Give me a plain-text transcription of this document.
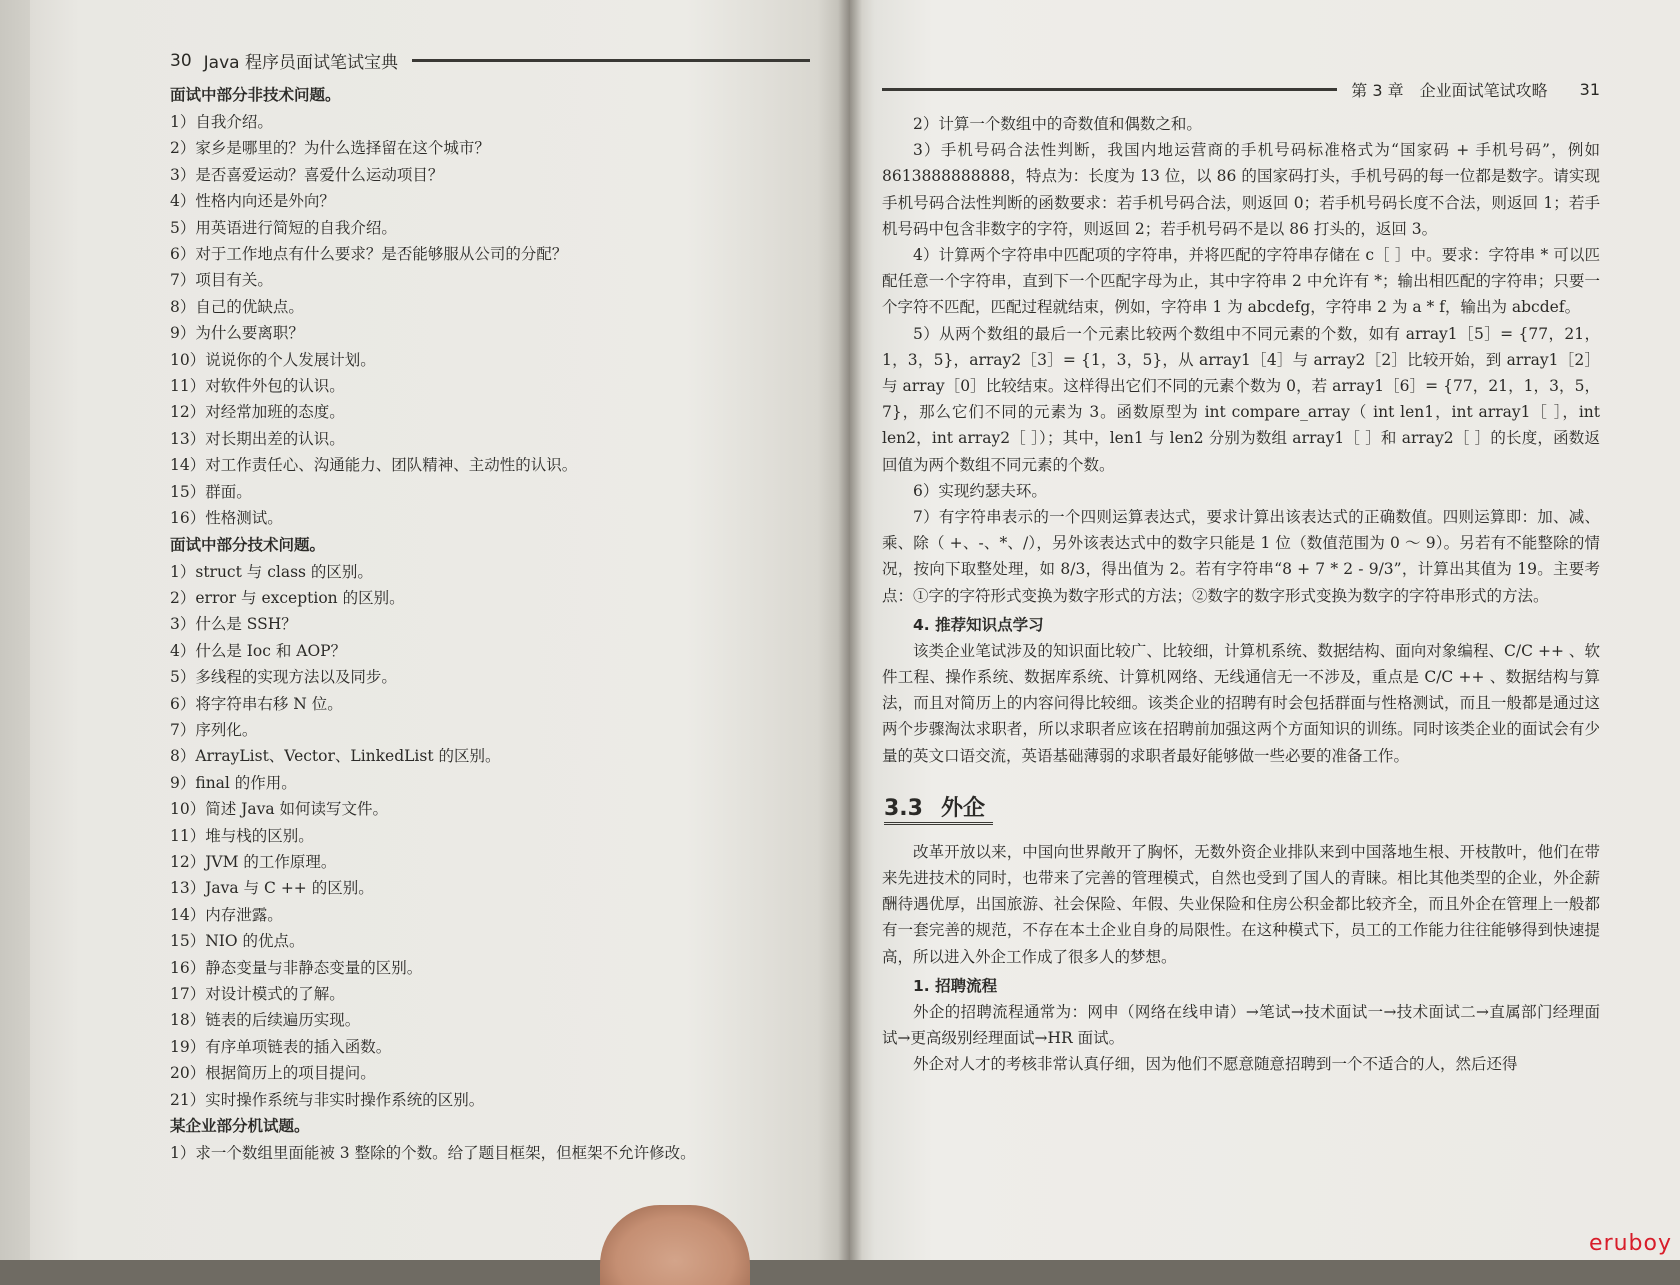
30 Java 程序员面试笔试宝典
面试中部分非技术问题。
1）自我介绍。
2）家乡是哪里的？为什么选择留在这个城市？
3）是否喜爱运动？喜爱什么运动项目？
4）性格内向还是外向？
5）用英语进行简短的自我介绍。
6）对于工作地点有什么要求？是否能够服从公司的分配？
7）项目有关。
8）自己的优缺点。
9）为什么要离职？
10）说说你的个人发展计划。
11）对软件外包的认识。
12）对经常加班的态度。
13）对长期出差的认识。
14）对工作责任心、沟通能力、团队精神、主动性的认识。
15）群面。
16）性格测试。
面试中部分技术问题。
1）struct 与 class 的区别。
2）error 与 exception 的区别。
3）什么是 SSH？
4）什么是 Ioc 和 AOP？
5）多线程的实现方法以及同步。
6）将字符串右移 N 位。
7）序列化。
8）ArrayList、Vector、LinkedList 的区别。
9）final 的作用。
10）简述 Java 如何读写文件。
11）堆与栈的区别。
12）JVM 的工作原理。
13）Java 与 C ++ 的区别。
14）内存泄露。
15）NIO 的优点。
16）静态变量与非静态变量的区别。
17）对设计模式的了解。
18）链表的后续遍历实现。
19）有序单项链表的插入函数。
20）根据简历上的项目提问。
21）实时操作系统与非实时操作系统的区别。
某企业部分机试题。
1）求一个数组里面能被 3 整除的个数。给了题目框架，但框架不允许修改。
第 3 章　企业面试笔试攻略 31

2）计算一个数组中的奇数值和偶数之和。

3）手机号码合法性判断，我国内地运营商的手机号码标准格式为“国家码 + 手机号码”，例如 8613888888888，特点为：长度为 13 位，以 86 的国家码打头，手机号码的每一位都是数字。请实现手机号码合法性判断的函数要求：若手机号码合法，则返回 0；若手机号码长度不合法，则返回 1；若手机号码中包含非数字的字符，则返回 2；若手机号码不是以 86 打头的，返回 3。

4）计算两个字符串中匹配项的字符串，并将匹配的字符串存储在 c［ ］中。要求：字符串 * 可以匹配任意一个字符串，直到下一个匹配字母为止，其中字符串 2 中允许有 *；输出相匹配的字符串；只要一个字符不匹配，匹配过程就结束，例如，字符串 1 为 abcdefg，字符串 2 为 a * f，输出为 abcdef。

5）从两个数组的最后一个元素比较两个数组中不同元素的个数，如有 array1［5］= {77，21，1，3，5}，array2［3］= {1，3，5}，从 array1［4］与 array2［2］比较开始，到 array1［2］与 array［0］比较结束。这样得出它们不同的元素个数为 0，若 array1［6］= {77，21，1，3，5，7}，那么它们不同的元素为 3。函数原型为 int compare_array（ int len1，int array1［ ］，int len2，int array2［ ］）；其中，len1 与 len2 分别为数组 array1［ ］和 array2［ ］的长度，函数返回值为两个数组不同元素的个数。

6）实现约瑟夫环。

7）有字符串表示的一个四则运算表达式，要求计算出该表达式的正确数值。四则运算即：加、减、乘、除（ +、-、*、/），另外该表达式中的数字只能是 1 位（数值范围为 0 ～ 9）。另若有不能整除的情况，按向下取整处理，如 8/3，得出值为 2。若有字符串“8 + 7 * 2 - 9/3”，计算出其值为 19。主要考点：①字的字符形式变换为数字形式的方法；②数字的数字形式变换为数字的字符串形式的方法。

4. 推荐知识点学习

该类企业笔试涉及的知识面比较广、比较细，计算机系统、数据结构、面向对象编程、C/C ++ 、软件工程、操作系统、数据库系统、计算机网络、无线通信无一不涉及，重点是 C/C ++ 、数据结构与算法，而且对简历上的内容问得比较细。该类企业的招聘有时会包括群面与性格测试，而且一般都是通过这两个步骤淘汰求职者，所以求职者应该在招聘前加强这两个方面知识的训练。同时该类企业的面试会有少量的英文口语交流，英语基础薄弱的求职者最好能够做一些必要的准备工作。

3.3 外企

改革开放以来，中国向世界敞开了胸怀，无数外资企业排队来到中国落地生根、开枝散叶，他们在带来先进技术的同时，也带来了完善的管理模式，自然也受到了国人的青睐。相比其他类型的企业，外企薪酬待遇优厚，出国旅游、社会保险、年假、失业保险和住房公积金都比较齐全，而且外企在管理上一般都有一套完善的规范，不存在本土企业自身的局限性。在这种模式下，员工的工作能力往往能够得到快速提高，所以进入外企工作成了很多人的梦想。

1. 招聘流程

外企的招聘流程通常为：网申（网络在线申请）→笔试→技术面试一→技术面试二→直属部门经理面试→更高级别经理面试→HR 面试。

外企对人才的考核非常认真仔细，因为他们不愿意随意招聘到一个不适合的人，然后还得

eruboy
